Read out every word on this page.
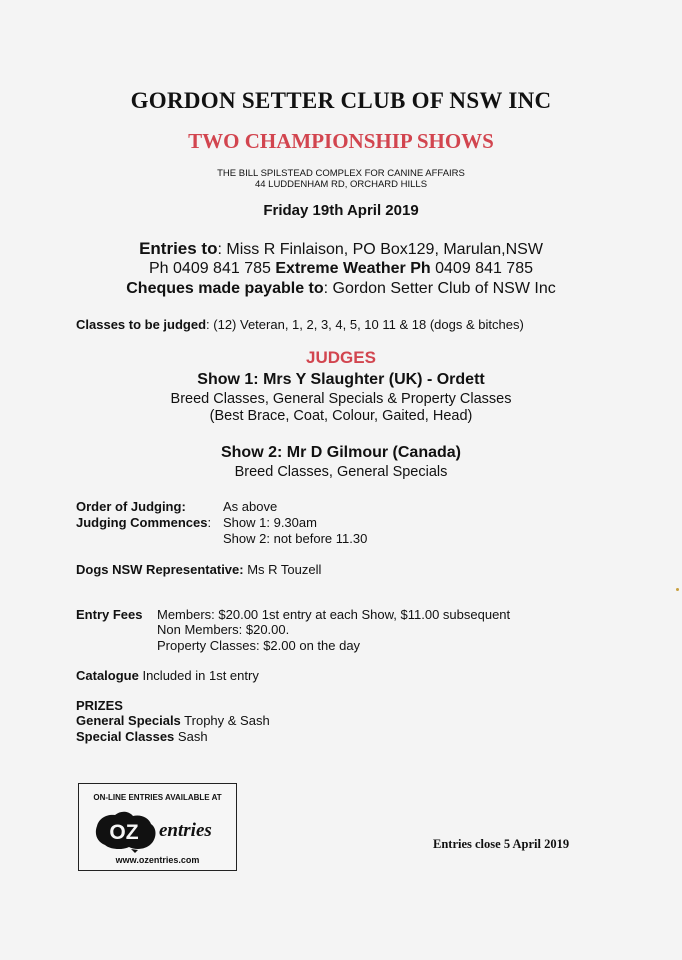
GORDON SETTER CLUB OF NSW INC
TWO CHAMPIONSHIP SHOWS
THE BILL SPILSTEAD COMPLEX FOR CANINE AFFAIRS
44 LUDDENHAM RD, ORCHARD HILLS
Friday 19th April 2019
Entries to: Miss R Finlaison, PO Box129, Marulan,NSW
Ph 0409 841 785 Extreme Weather Ph 0409 841 785
Cheques made payable to: Gordon Setter Club of NSW Inc
Classes to be judged: (12) Veteran, 1, 2, 3, 4, 5, 10 11 & 18 (dogs & bitches)
JUDGES
Show 1: Mrs Y Slaughter (UK) - Ordett
Breed Classes, General Specials & Property Classes
(Best Brace, Coat, Colour, Gaited, Head)
Show 2: Mr D Gilmour (Canada)
Breed Classes, General Specials
Order of Judging:	As above
Judging Commences: Show 1: 9.30am
Show 2: not before 11.30
Dogs NSW Representative: Ms R Touzell
Entry Fees Members: $20.00 1st entry at each Show, $11.00 subsequent
Non Members: $20.00.
Property Classes: $2.00 on the day
Catalogue Included in 1st entry
PRIZES
General Specials Trophy & Sash
Special Classes Sash
ON-LINE ENTRIES AVAILABLE AT
OZ entries
www.ozentries.com
Entries close 5 April 2019
